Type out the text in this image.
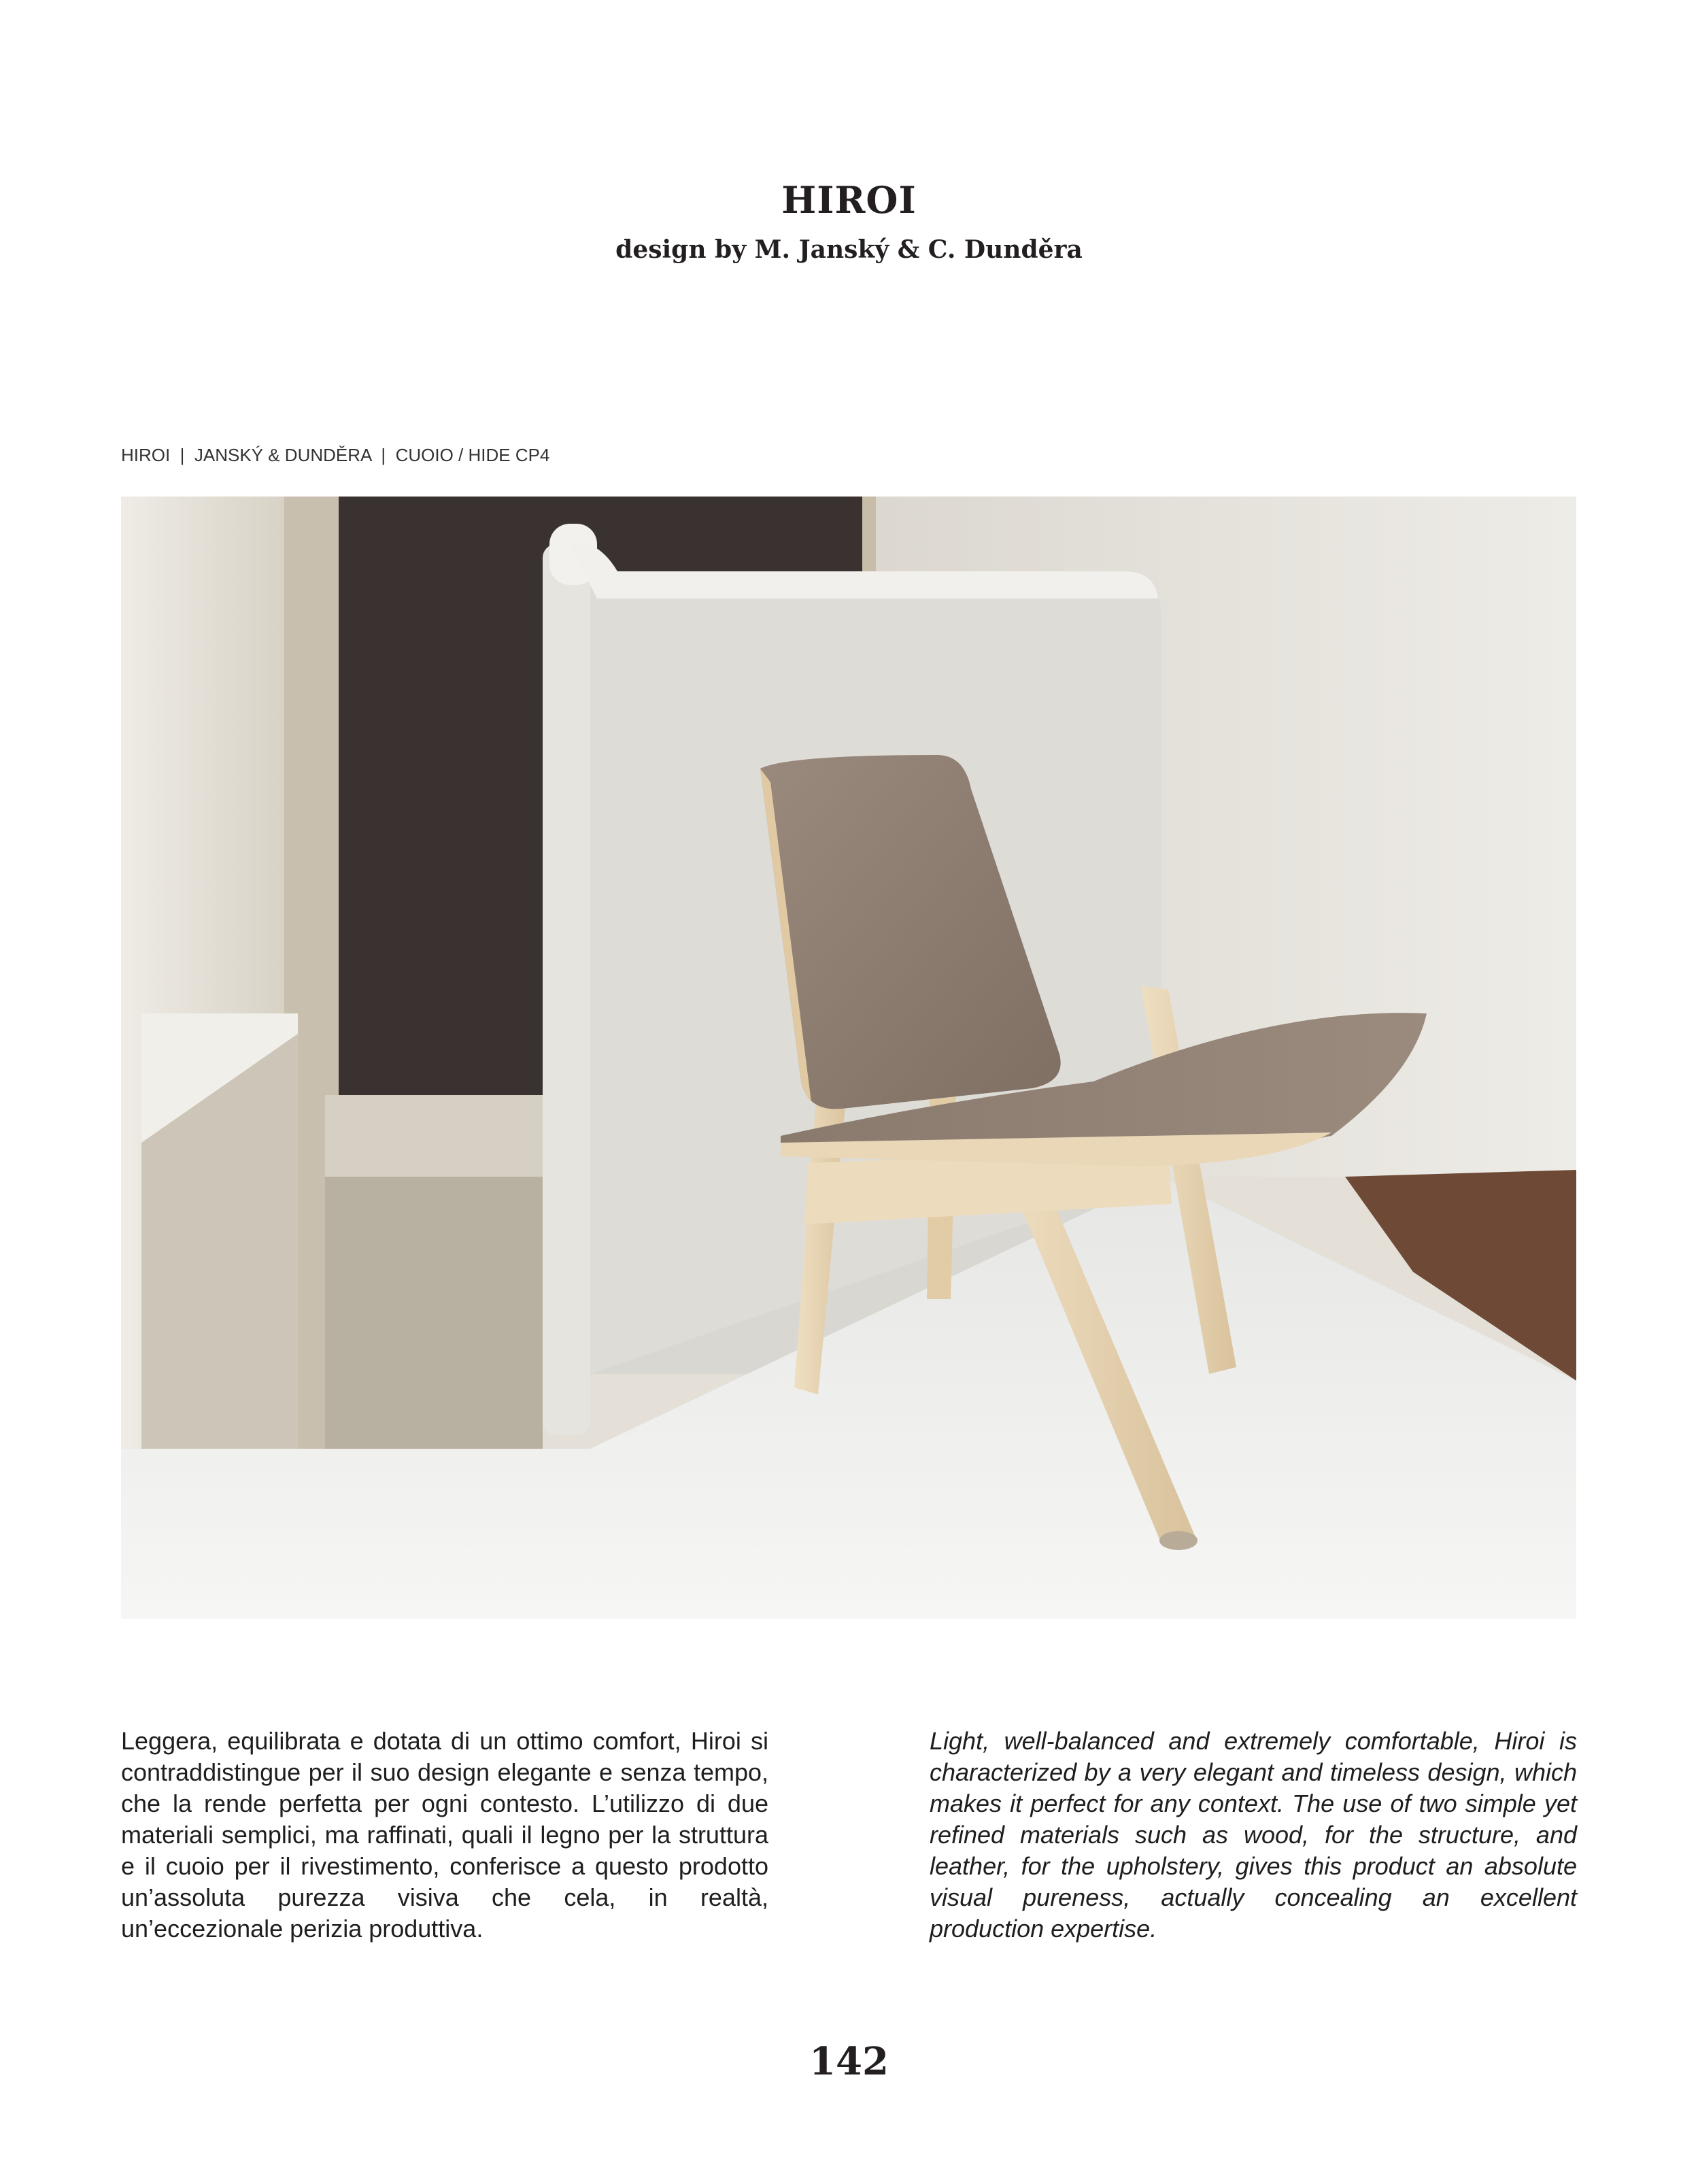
HIROI
design by M. Janský & C. Dunděra

HIROI  |  JANSKÝ & DUNDĚRA  |  CUOIO / HIDE CP4

Leggera, equilibrata e dotata di un ottimo comfort, Hiroi si contraddistingue per il suo design elegante e senza tempo, che la rende perfetta per ogni contesto. L’utilizzo di due materiali semplici, ma raffinati, quali il legno per la struttura e il cuoio per il rivestimento, conferisce a questo prodotto un’assoluta purezza visiva che cela, in realtà, un’eccezionale perizia produttiva.

Light, well-balanced and extremely comfortable, Hiroi is characterized by a very elegant and timeless design, which makes it perfect for any context. The use of two simple yet refined materials such as wood, for the structure, and leather, for the upholstery, gives this product an absolute visual pureness, actually concealing an excellent production expertise.

142
